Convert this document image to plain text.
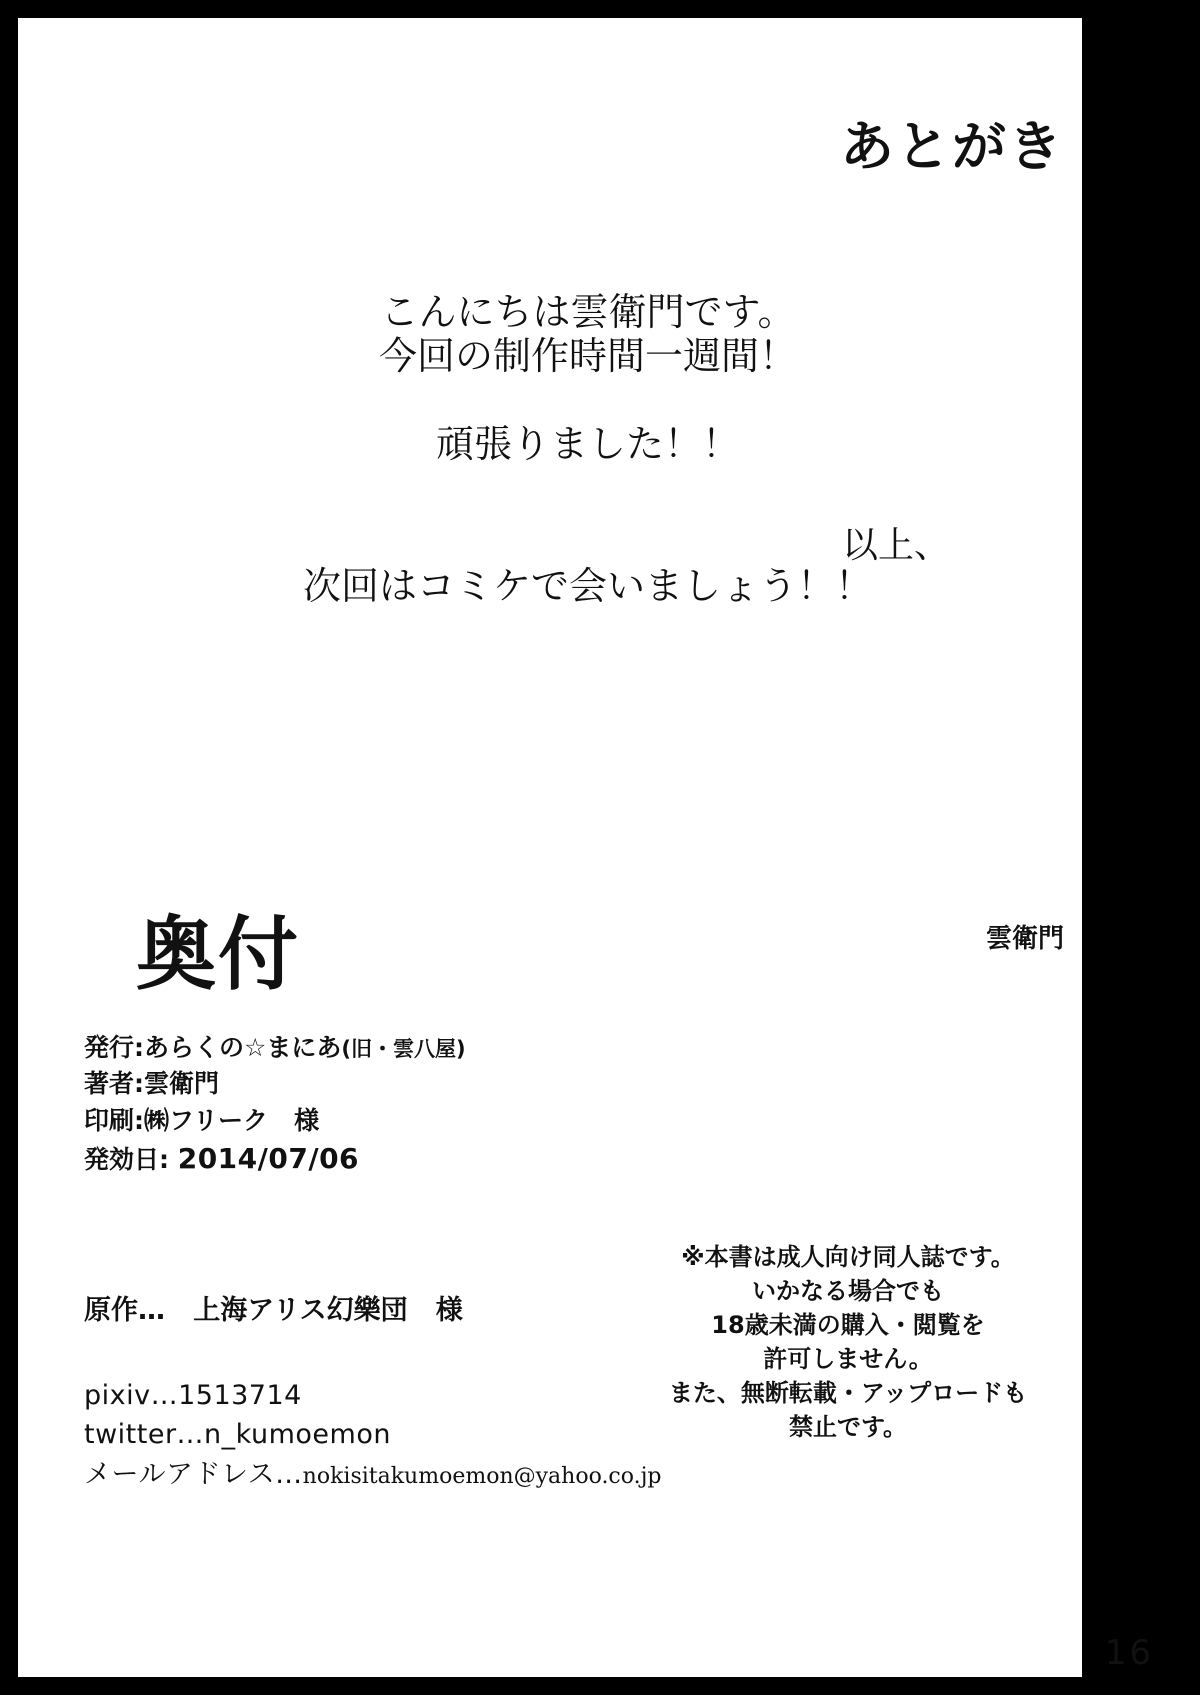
あとがき
こんにちは雲衛門です。
今回の制作時間一週間！
頑張りました！！
以上、
次回はコミケで会いましょう！！
奥付	雲衛門
発行:あらくの☆まにあ(旧・雲八屋)
著者:雲衛門
印刷:㈱フリーク 様
発効日: 2014/07/06
原作… 上海アリス幻樂団 様
pixiv…1513714
twitter…n_kumoemon
メールアドレス…nokisitakumoemon@yahoo.co.jp
※本書は成人向け同人誌です。
いかなる場合でも
18歳未満の購入・閲覧を
許可しません。
また、無断転載・アップロードも
禁止です。
16
